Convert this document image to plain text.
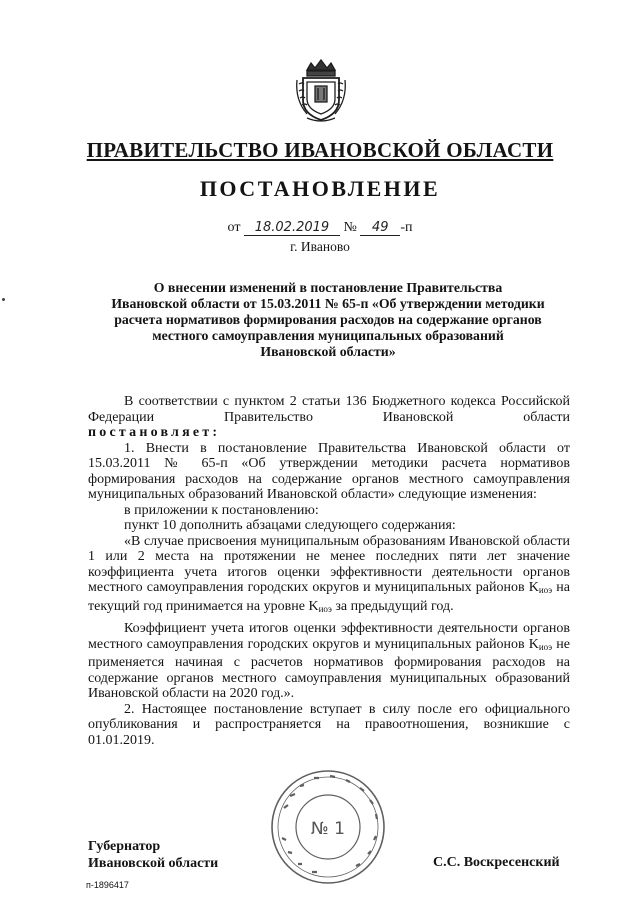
ПРАВИТЕЛЬСТВО ИВАНОВСКОЙ ОБЛАСТИ
ПОСТАНОВЛЕНИЕ
от 18.02.2019 № 49 -п
г. Иваново
О внесении изменений в постановление Правительства
Ивановской области от 15.03.2011 № 65-п «Об утверждении методики
расчета нормативов формирования расходов на содержание органов
местного самоуправления муниципальных образований
Ивановской области»

В соответствии с пунктом 2 статьи 136 Бюджетного кодекса Российской Федерации Правительство Ивановской области

постановляет:

1. Внести в постановление Правительства Ивановской области от 15.03.2011 № 65-п «Об утверждении методики расчета нормативов формирования расходов на содержание органов местного самоуправления муниципальных образований Ивановской области» следующие изменения:

в приложении к постановлению:

пункт 10 дополнить абзацами следующего содержания:

«В случае присвоения муниципальным образованиям Ивановской области 1 или 2 места на протяжении не менее последних пяти лет значение коэффициента учета итогов оценки эффективности деятельности органов местного самоуправления городских округов и муниципальных районов $K_{иоэ}$ на текущий год принимается на уровне $K_{иоэ}$ за предыдущий год.

Коэффициент учета итогов оценки эффективности деятельности органов местного самоуправления городских округов и муниципальных районов $K_{иоэ}$ не применяется начиная с расчетов нормативов формирования расходов на содержание органов местного самоуправления муниципальных образований Ивановской области на 2020 год.».

2. Настоящее постановление вступает в силу после его официального опубликования и распространяется на правоотношения, возникшие с 01.01.2019.

№ 1
Губернатор
Ивановской области	С.С. Воскресенский
п-1896417
